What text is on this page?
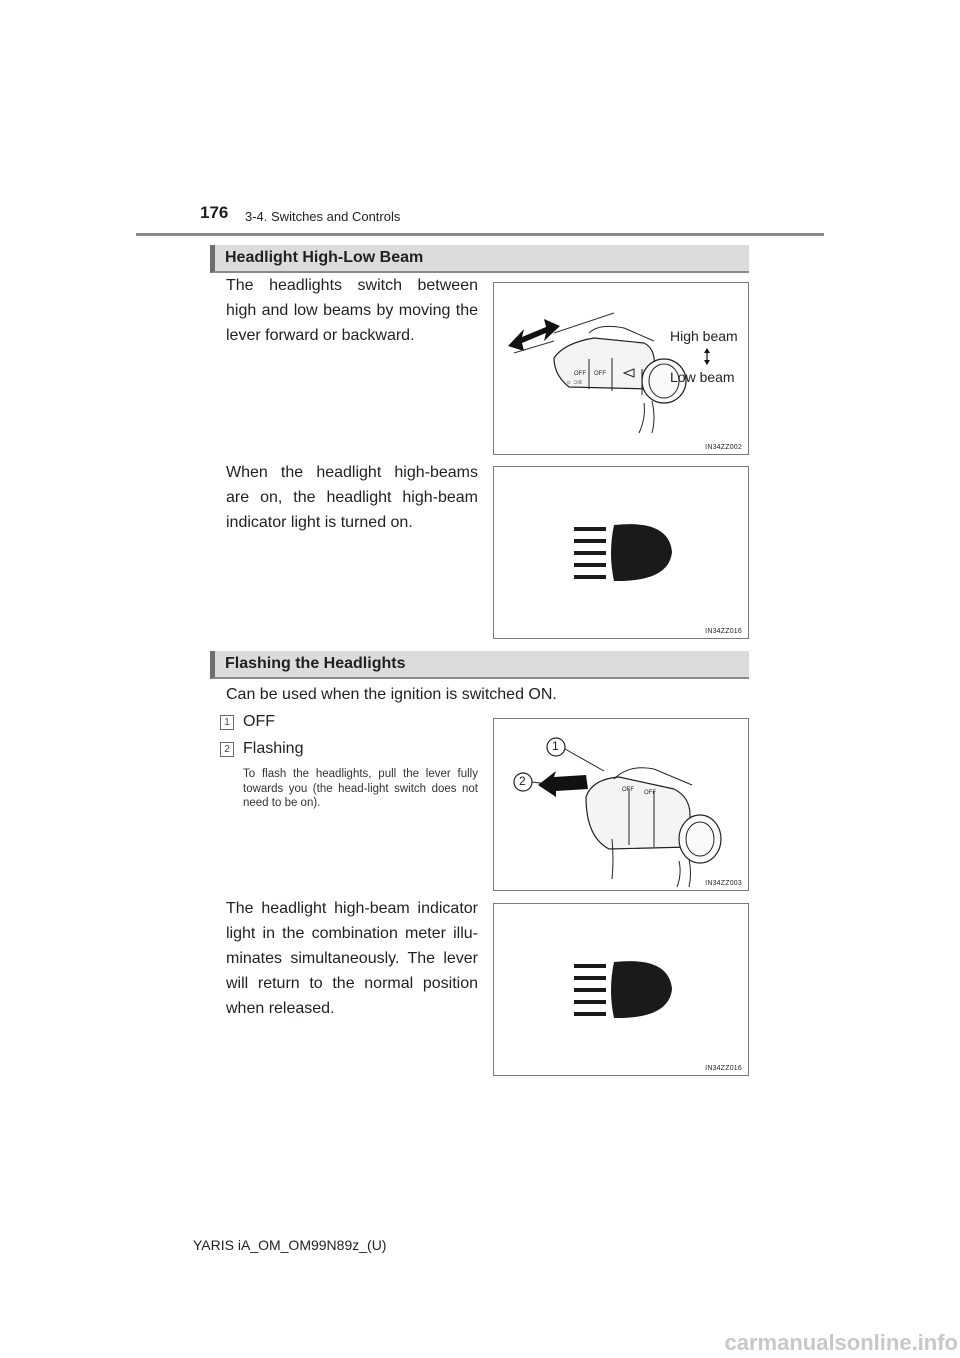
176 3-4. Switches and Controls
Headlight High-Low Beam
The headlights switch between high and low beams by moving the lever forward or backward.
OFF OFF
☼ ⊃≡
High beam
Low beam
IN34ZZ002
When the headlight high-beams are on, the headlight high-beam indicator light is turned on.
IN34ZZ016
Flashing the Headlights
Can be used when the ignition is switched ON.
1 OFF
2 Flashing
To flash the headlights, pull the lever fully towards you (the head-light switch does not need to be on).
OFF OFF
1
2
IN34ZZ003
The headlight high-beam indicator light in the combination meter illu-minates simultaneously. The lever will return to the normal position when released.
IN34ZZ016
YARIS iA_OM_OM99N89z_(U)
carmanualsonline.info
